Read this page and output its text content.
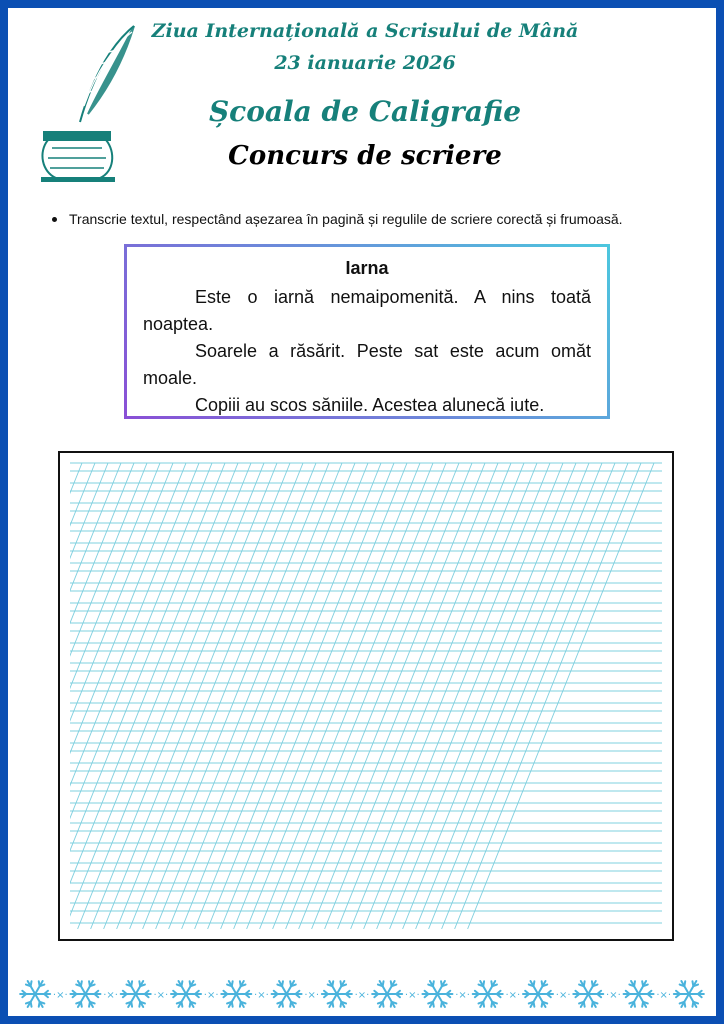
Ziua Internațională a Scrisului de Mână
23 ianuarie 2026
Școala de Caligrafie
Concurs de scriere
Transcrie textul, respectând așezarea în pagină și regulile de scriere corectă și frumoasă.
Iarna

Este o iarnă nemaipomenită. A nins toată noaptea.

Soarele a răsărit. Peste sat este acum omăt moale.

Copiii au scos săniile. Acestea alunecă iute.

·×·	·×·	·×·	·×·	·×·	·×·	·×·	·×·	·×·	·×·	·×·	·×·	·×·
